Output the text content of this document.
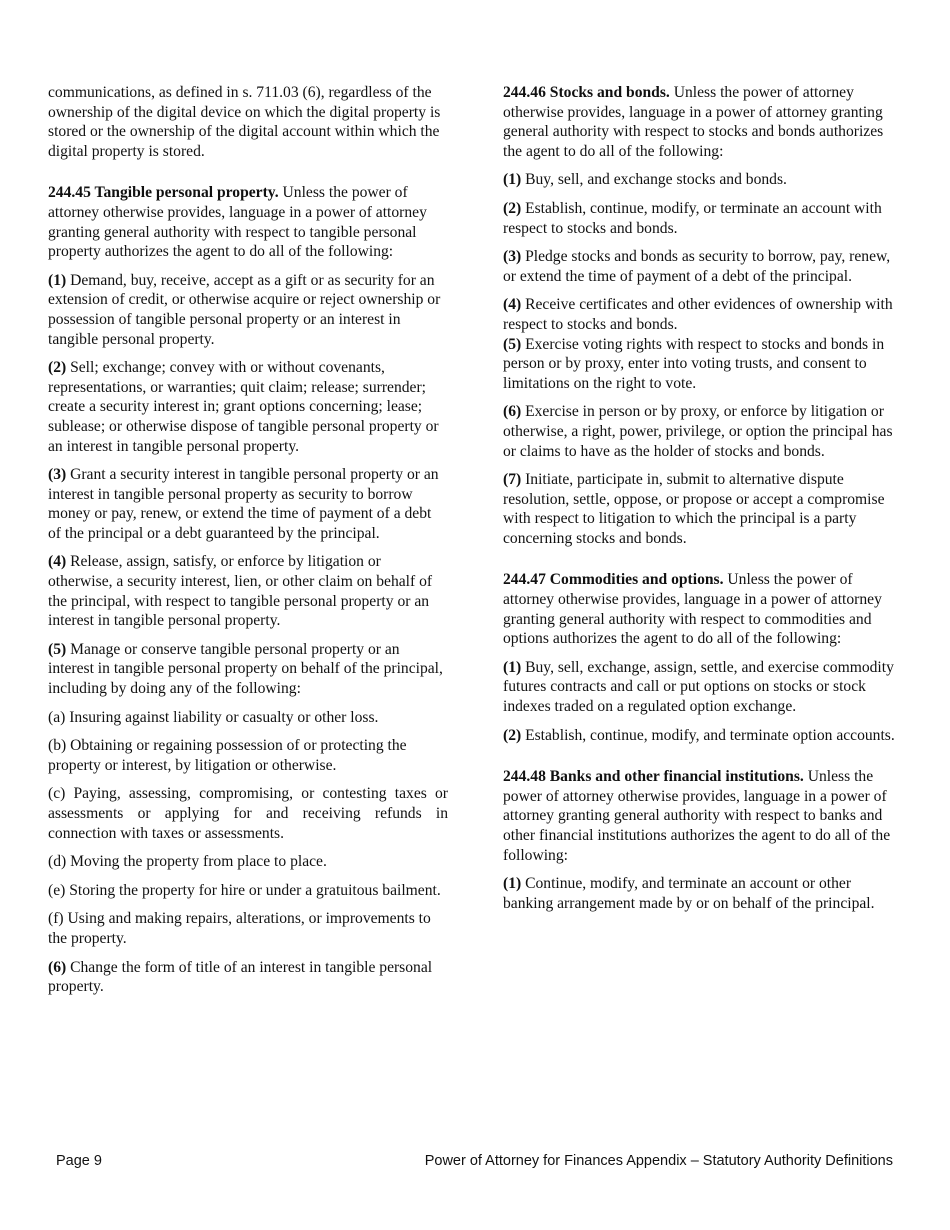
communications, as defined in s. 711.03 (6), regardless of the ownership of the digital device on which the digital property is stored or the ownership of the digital account within which the digital property is stored.

244.45 Tangible personal property. Unless the power of attorney otherwise provides, language in a power of attorney granting general authority with respect to tangible personal property authorizes the agent to do all of the following:

(1) Demand, buy, receive, accept as a gift or as security for an extension of credit, or otherwise acquire or reject ownership or possession of tangible personal property or an interest in tangible personal property.

(2) Sell; exchange; convey with or without covenants, representations, or warranties; quit claim; release; surrender; create a security interest in; grant options concerning; lease; sublease; or otherwise dispose of tangible personal property or an interest in tangible personal property.

(3) Grant a security interest in tangible personal property or an interest in tangible personal property as security to borrow money or pay, renew, or extend the time of payment of a debt of the principal or a debt guaranteed by the principal.

(4) Release, assign, satisfy, or enforce by litigation or otherwise, a security interest, lien, or other claim on behalf of the principal, with respect to tangible personal property or an interest in tangible personal property.

(5) Manage or conserve tangible personal property or an interest in tangible personal property on behalf of the principal, including by doing any of the following:

(a) Insuring against liability or casualty or other loss.

(b) Obtaining or regaining possession of or protecting the property or interest, by litigation or otherwise.

(c) Paying, assessing, compromising, or contesting taxes or assessments or applying for and receiving refunds in connection with taxes or assessments.

(d) Moving the property from place to place.

(e) Storing the property for hire or under a gratuitous bailment.

(f) Using and making repairs, alterations, or improvements to the property.

(6) Change the form of title of an interest in tangible personal property.

244.46 Stocks and bonds. Unless the power of attorney otherwise provides, language in a power of attorney granting general authority with respect to stocks and bonds authorizes the agent to do all of the following:

(1) Buy, sell, and exchange stocks and bonds.

(2) Establish, continue, modify, or terminate an account with respect to stocks and bonds.

(3) Pledge stocks and bonds as security to borrow, pay, renew, or extend the time of payment of a debt of the principal.

(4) Receive certificates and other evidences of ownership with respect to stocks and bonds.

(5) Exercise voting rights with respect to stocks and bonds in person or by proxy, enter into voting trusts, and consent to limitations on the right to vote.

(6) Exercise in person or by proxy, or enforce by litigation or otherwise, a right, power, privilege, or option the principal has or claims to have as the holder of stocks and bonds.

(7) Initiate, participate in, submit to alternative dispute resolution, settle, oppose, or propose or accept a compromise with respect to litigation to which the principal is a party concerning stocks and bonds.

244.47 Commodities and options. Unless the power of attorney otherwise provides, language in a power of attorney granting general authority with respect to commodities and options authorizes the agent to do all of the following:

(1) Buy, sell, exchange, assign, settle, and exercise commodity futures contracts and call or put options on stocks or stock indexes traded on a regulated option exchange.

(2) Establish, continue, modify, and terminate option accounts.

244.48 Banks and other financial institutions. Unless the power of attorney otherwise provides, language in a power of attorney granting general authority with respect to banks and other financial institutions authorizes the agent to do all of the following:

(1) Continue, modify, and terminate an account or other banking arrangement made by or on behalf of the principal.

Page 9	Power of Attorney for Finances Appendix – Statutory Authority Definitions
